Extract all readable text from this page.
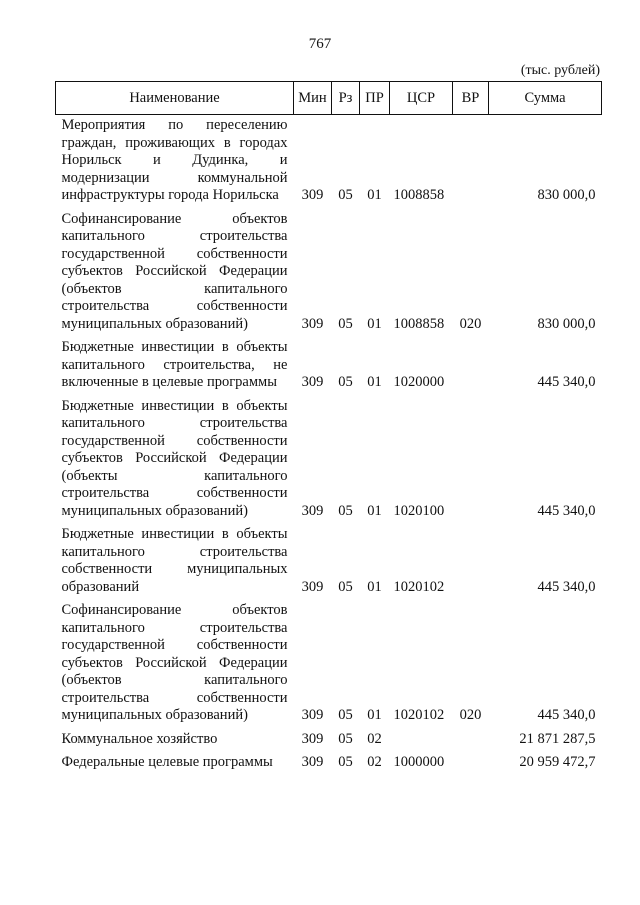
767
(тыс. рублей)
Наименование	Мин	Рз	ПР	ЦСР	ВР	Сумма
Мероприятия по переселению граждан, проживающих в городах Норильск и Дудинка, и модернизации коммунальной инфраструктуры города Норильска	309	05	01	1008858		830 000,0
Софинансирование объектов капитального строительства государственной собственности субъектов Российской Федерации (объектов капитального строительства собственности муниципальных образований)	309	05	01	1008858	020	830 000,0
Бюджетные инвестиции в объекты капитального строительства, не включенные в целевые программы	309	05	01	1020000		445 340,0
Бюджетные инвестиции в объекты капитального строительства государственной собственности субъектов Российской Федерации (объекты капитального строительства собственности муниципальных образований)	309	05	01	1020100		445 340,0
Бюджетные инвестиции в объекты капитального строительства собственности муниципальных образований	309	05	01	1020102		445 340,0
Софинансирование объектов капитального строительства государственной собственности субъектов Российской Федерации (объектов капитального строительства собственности муниципальных образований)	309	05	01	1020102	020	445 340,0
Коммунальное хозяйство	309	05	02			21 871 287,5
Федеральные целевые программы	309	05	02	1000000		20 959 472,7
